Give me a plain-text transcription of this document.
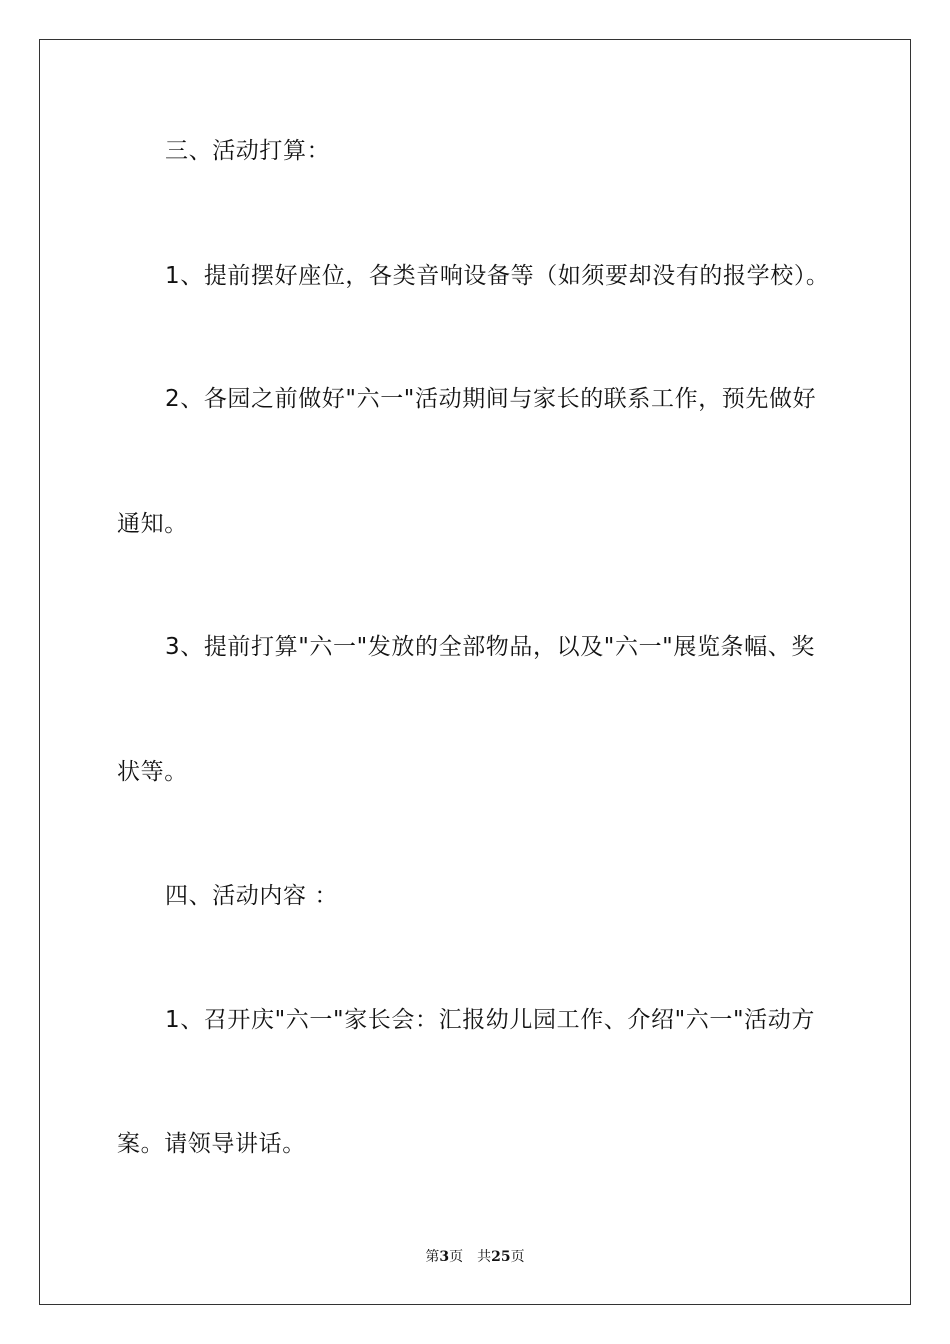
三、活动打算：
1、提前摆好座位，各类音响设备等（如须要却没有的报学校）。
2、各园之前做好"六一"活动期间与家长的联系工作，预先做好
通知。
3、提前打算"六一"发放的全部物品，以及"六一"展览条幅、奖
状等。
四、活动内容 ：
1、召开庆"六一"家长会：汇报幼儿园工作、介绍"六一"活动方
案。请领导讲话。
第3页 共25页
